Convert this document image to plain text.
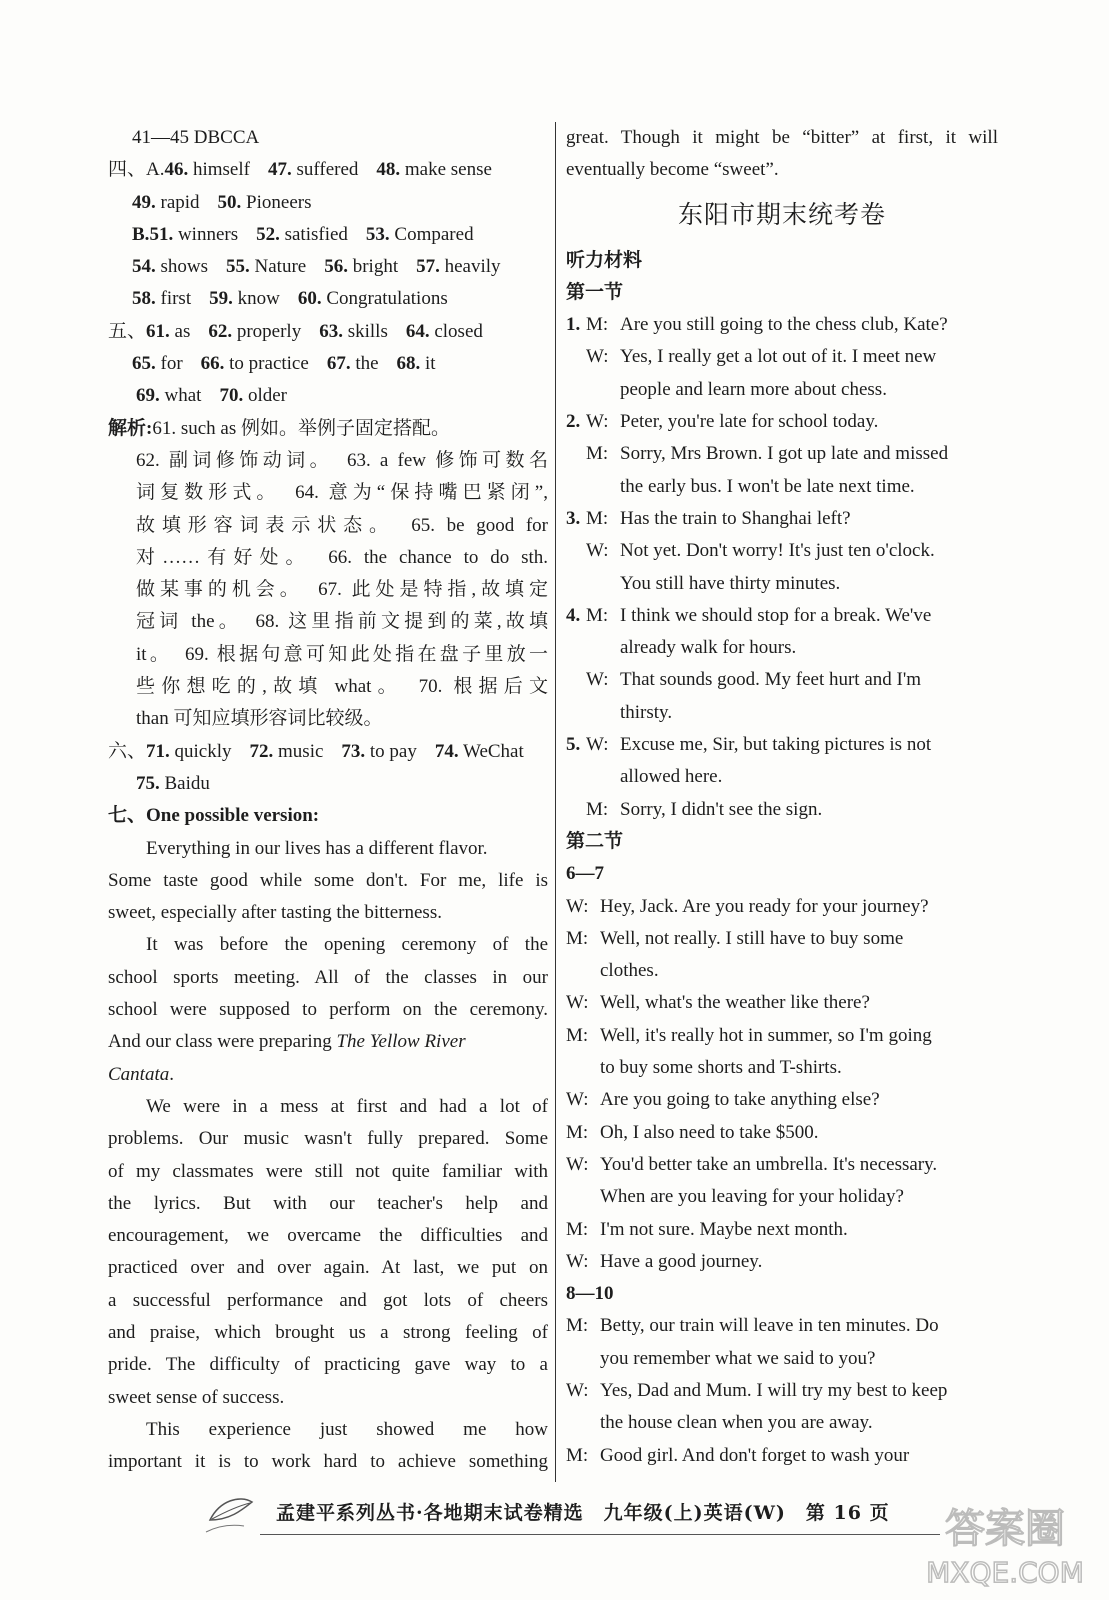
41—45 DBCCA
四、A.46. himself 47. suffered 48. make sense
49. rapid 50. Pioneers
B.51. winners 52. satisfied 53. Compared
54. shows 55. Nature 56. bright 57. heavily
58. first 59. know 60. Congratulations
五、61. as 62. properly 63. skills 64. closed
65. for 66. to practice 67. the 68. it
69. what 70. older
解析:61. such as 例如。举例子固定搭配。
62. 副词修饰动词。　63. a few 修饰可数名
词复数形式。　64. 意为“保持嘴巴紧闭”,
故填形容词表示状态。　65. be good for
对……有好处。　66. the chance to do sth.
做某事的机会。　67. 此处是特指,故填定
冠词 the。　68. 这里指前文提到的菜,故填
it。　69. 根据句意可知此处指在盘子里放一
些你想吃的,故填 what。　70. 根据后文
than 可知应填形容词比较级。
六、71. quickly 72. music 73. to pay 74. WeChat
75. Baidu
七、One possible version:
Everything in our lives has a different flavor.
Some taste good while some don't. For me, life is
sweet, especially after tasting the bitterness.
It was before the opening ceremony of the
school sports meeting. All of the classes in our
school were supposed to perform on the ceremony.
And our class were preparing The Yellow River
Cantata.
We were in a mess at first and had a lot of
problems. Our music wasn't fully prepared. Some
of my classmates were still not quite familiar with
the lyrics. But with our teacher's help and
encouragement, we overcame the difficulties and
practiced over and over again. At last, we put on
a successful performance and got lots of cheers
and praise, which brought us a strong feeling of
pride. The difficulty of practicing gave way to a
sweet sense of success.
This experience just showed me how
important it is to work hard to achieve something
great. Though it might be “bitter” at first, it will
eventually become “sweet”.
东阳市期末统考卷
听力材料
第一节
1. M: Are you still going to the chess club, Kate?
W: Yes, I really get a lot out of it. I meet new
people and learn more about chess.
2. W: Peter, you're late for school today.
M: Sorry, Mrs Brown. I got up late and missed
the early bus. I won't be late next time.
3. M: Has the train to Shanghai left?
W: Not yet. Don't worry! It's just ten o'clock.
You still have thirty minutes.
4. M: I think we should stop for a break. We've
already walk for hours.
W: That sounds good. My feet hurt and I'm
thirsty.
5. W: Excuse me, Sir, but taking pictures is not
allowed here.
M: Sorry, I didn't see the sign.
第二节
6—7
W: Hey, Jack. Are you ready for your journey?
M: Well, not really. I still have to buy some
clothes.
W: Well, what's the weather like there?
M: Well, it's really hot in summer, so I'm going
to buy some shorts and T-shirts.
W: Are you going to take anything else?
M: Oh, I also need to take $500.
W: You'd better take an umbrella. It's necessary.
When are you leaving for your holiday?
M: I'm not sure. Maybe next month.
W: Have a good journey.
8—10
M: Betty, our train will leave in ten minutes. Do
you remember what we said to you?
W: Yes, Dad and Mum. I will try my best to keep
the house clean when you are away.
M: Good girl. And don't forget to wash your
孟建平系列丛书·各地期末试卷精选　九年级(上)英语(W)　第 16 页 答案圈
MXQE.COM
